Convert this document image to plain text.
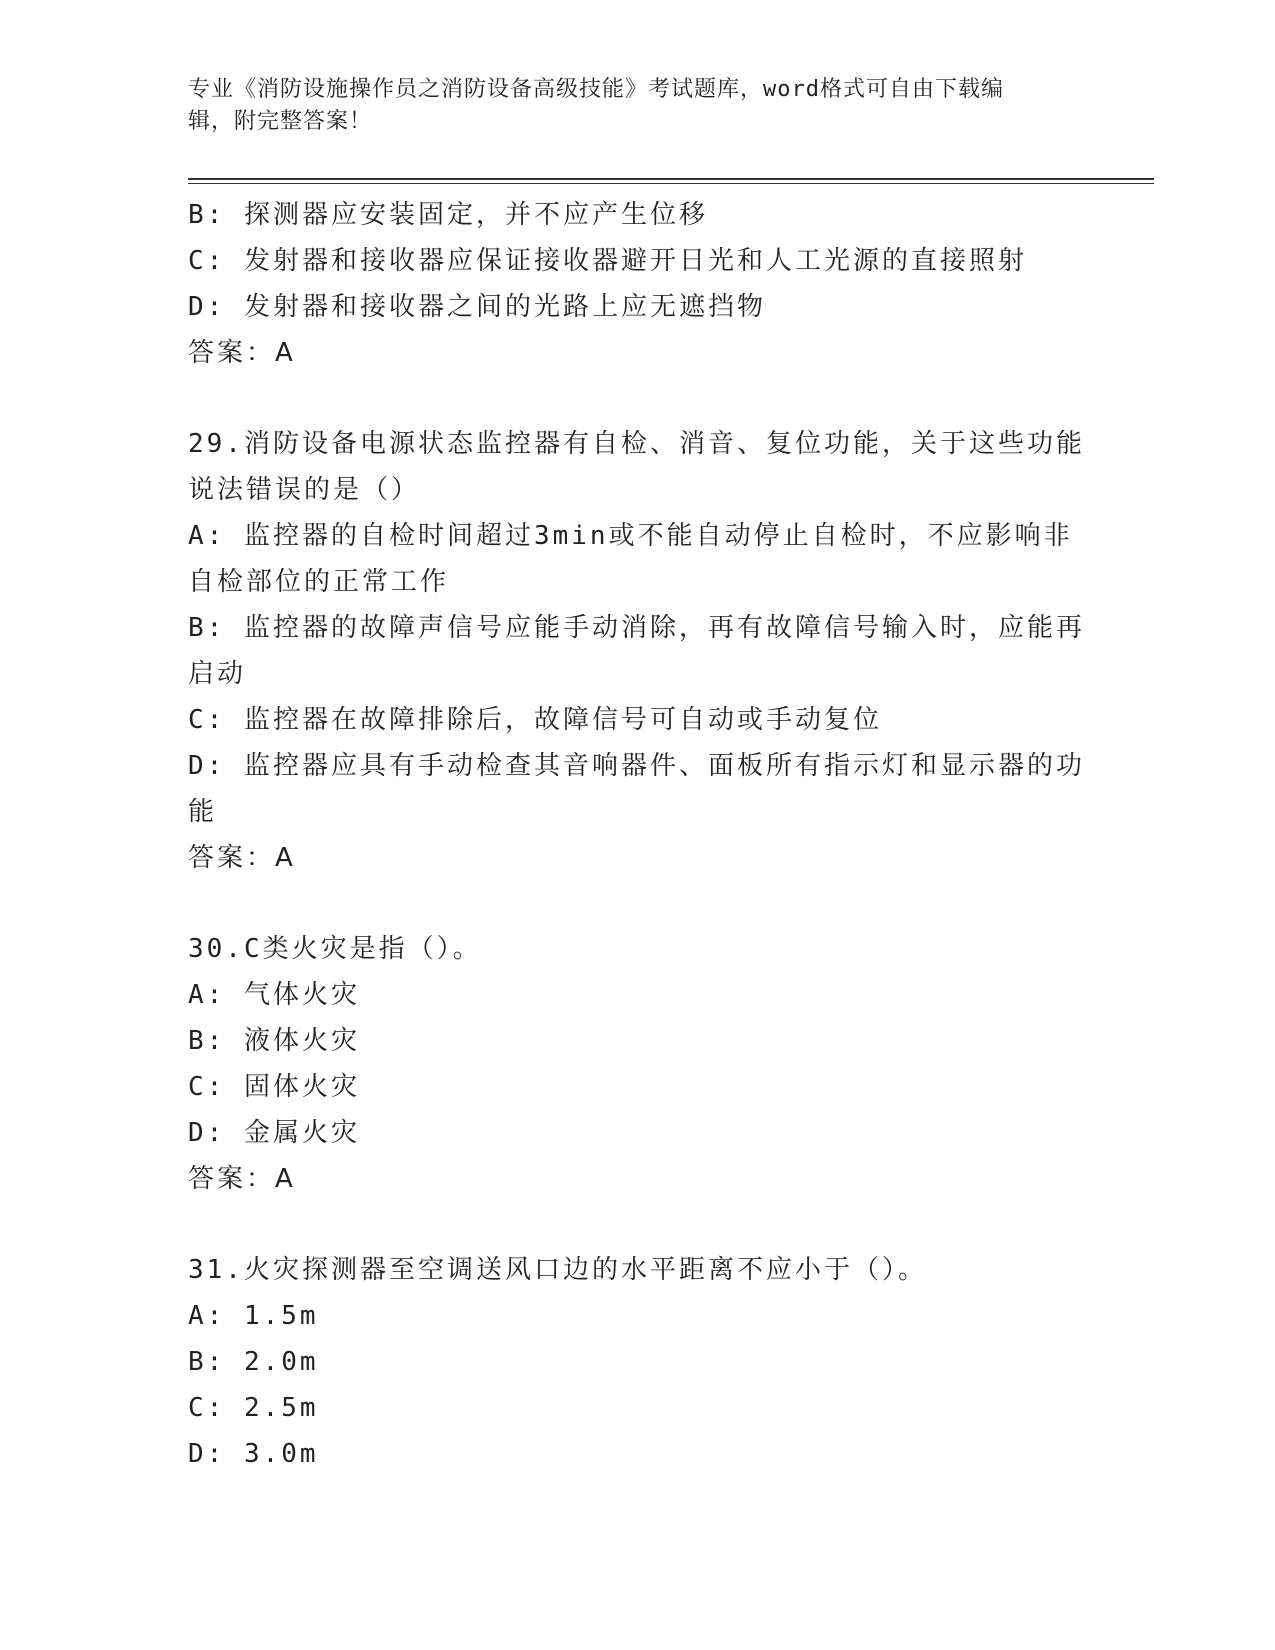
专业《消防设施操作员之消防设备高级技能》考试题库，word格式可自由下载编
辑，附完整答案！

B: 探测器应安装固定，并不应产生位移

C: 发射器和接收器应保证接收器避开日光和人工光源的直接照射

D: 发射器和接收器之间的光路上应无遮挡物

答案：A

29.消防设备电源状态监控器有自检、消音、复位功能，关于这些功能

说法错误的是（）

A: 监控器的自检时间超过3min或不能自动停止自检时，不应影响非

自检部位的正常工作

B: 监控器的故障声信号应能手动消除，再有故障信号输入时，应能再

启动

C: 监控器在故障排除后，故障信号可自动或手动复位

D: 监控器应具有手动检查其音响器件、面板所有指示灯和显示器的功

能

答案：A

30.C类火灾是指（）。

A: 气体火灾

B: 液体火灾

C: 固体火灾

D: 金属火灾

答案：A

31.火灾探测器至空调送风口边的水平距离不应小于（）。

A: 1.5m

B: 2.0m

C: 2.5m

D: 3.0m
